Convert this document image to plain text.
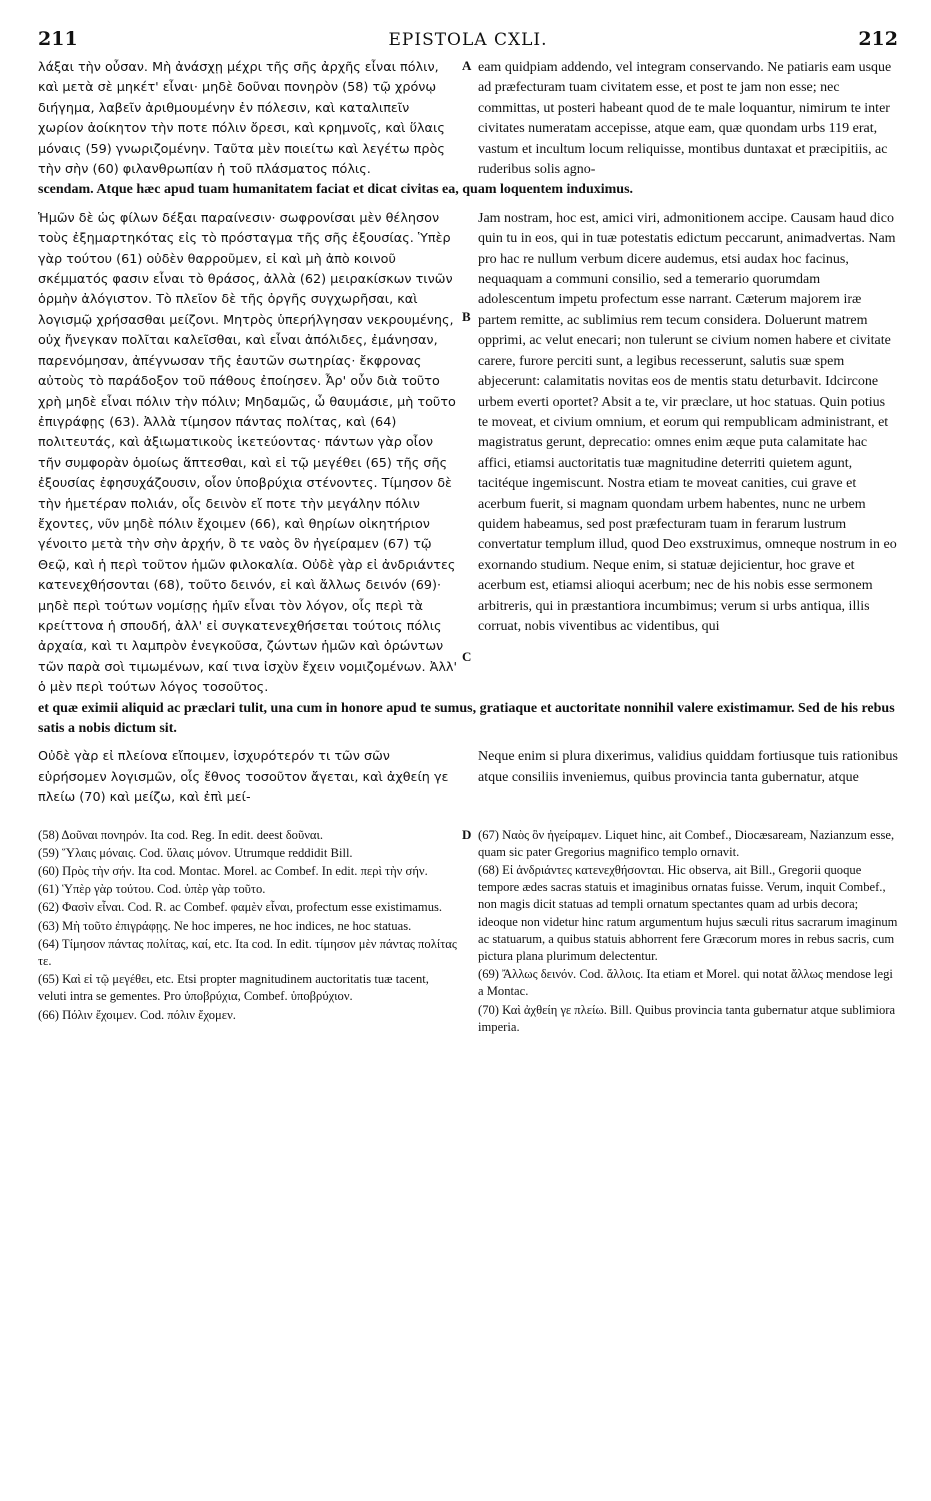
211	EPISTOLA CXLI.	212
λάξαι τὴν οὖσαν. Μὴ ἀνάσχῃ μέχρι τῆς σῆς ἀρχῆς εἶναι πόλιν, καὶ μετὰ σὲ μηκέτ' εἶναι· μηδὲ δοῦναι πονηρὸν (58) τῷ χρόνῳ διήγημα, λαβεῖν ἀριθμουμένην ἐν πόλεσιν, καὶ καταλιπεῖν χωρίον ἀοίκητον τὴν ποτε πόλιν ὄρεσι, καὶ κρημνοῖς, καὶ ὕλαις μόναις (59) γνωριζομένην. Ταῦτα μὲν ποιείτω καὶ λεγέτω πρὸς τὴν σὴν (60) φιλανθρωπίαν ἡ τοῦ πλάσματος πόλις.
A eam quidpiam addendo, vel integram conservando. Ne patiaris eam usque ad præfecturam tuam civitatem esse, et post te jam non esse; nec committas, ut posteri habeant quod de te male loquantur, nimirum te inter civitates numeratam accepisse, atque eam, quæ quondam urbs 119 erat, vastum et incultum locum reliquisse, montibus duntaxat et præcipitiis, ac ruderibus solis agno-
scendam. Atque hæc apud tuam humanitatem faciat et dicat civitas ea, quam loquentem induximus.
Ἡμῶν δὲ ὡς φίλων δέξαι παραίνεσιν· σωφρονίσαι μὲν θέλησον τοὺς ἐξημαρτηκότας εἰς τὸ πρόσταγμα τῆς σῆς ἐξουσίας. Ὑπὲρ γὰρ τούτου (61) οὐδὲν θαρροῦμεν, εἰ καὶ μὴ ἀπὸ κοινοῦ σκέμματός φασιν εἶναι τὸ θράσος, ἀλλὰ (62) μειρακίσκων τινῶν ὁρμὴν ἀλόγιστον. Τὸ πλεῖον δὲ τῆς ὀργῆς συγχωρῆσαι, καὶ λογισμῷ χρήσασθαι μείζονι. Μητρὸς ὑπερήλγησαν νεκρουμένης, οὐχ ἤνεγκαν πολῖται καλεῖσθαι, καὶ εἶναι ἀπόλιδες, ἐμάνησαν, παρενόμησαν, ἀπέγνωσαν τῆς ἑαυτῶν σωτηρίας· ἔκφρονας αὐτοὺς τὸ παράδοξον τοῦ πάθους ἐποίησεν. Ἆρ' οὖν διὰ τοῦτο χρὴ μηδὲ εἶναι πόλιν τὴν πόλιν; Μηδαμῶς, ὦ θαυμάσιε, μὴ τοῦτο ἐπιγράφῃς (63). Ἀλλὰ τίμησον πάντας πολίτας, καὶ (64) πολιτευτάς, καὶ ἀξιωματικοὺς ἱκετεύοντας· πάντων γὰρ οἶον τῆν συμφορὰν ὁμοίως ἅπτεσθαι, καὶ εἰ τῷ μεγέθει (65) τῆς σῆς ἐξουσίας ἐφησυχάζουσιν, οἷον ὑποβρύχια στένοντες. Τίμησον δὲ τὴν ἡμετέραν πολιάν, οἷς δεινὸν εἴ ποτε τὴν μεγάλην πόλιν ἔχοντες, νῦν μηδὲ πόλιν ἔχοιμεν (66), καὶ θηρίων οἰκητήριον γένοιτο μετὰ τὴν σὴν ἀρχήν, ὃ τε ναὸς ὃν ἠγείραμεν (67) τῷ Θεῷ, καὶ ἡ περὶ τοῦτον ἡμῶν φιλοκαλία. Οὐδὲ γὰρ εἰ ἀνδριάντες κατενεχθήσονται (68), τοῦτο δεινόν, εἰ καὶ ἄλλως δεινόν (69)· μηδὲ περὶ τούτων νομίσῃς ἡμῖν εἶναι τὸν λόγον, οἷς περὶ τὰ κρείττονα ἡ σπουδή, ἀλλ' εἰ συγκατενεχθήσεται τούτοις πόλις ἀρχαία, καὶ τι λαμπρὸν ἐνεγκοῦσα, ζώντων ἡμῶν καὶ ὁρώντων τῶν παρὰ σοὶ τιμωμένων, καί τινα ἰσχὺν ἔχειν νομιζομένων. Ἀλλ' ὁ μὲν περὶ τούτων λόγος τοσοῦτος.
B
C
Jam nostram, hoc est, amici viri, admonitionem accipe. Causam haud dico quin tu in eos, qui in tuæ potestatis edictum peccarunt, animadvertas. Nam pro hac re nullum verbum dicere audemus, etsi audax hoc facinus, nequaquam a communi consilio, sed a temerario quorumdam adolescentum impetu profectum esse narrant. Cæterum majorem iræ partem remitte, ac sublimius rem tecum considera. Doluerunt matrem opprimi, ac velut enecari; non tulerunt se civium nomen habere et civitate carere, furore perciti sunt, a legibus recesserunt, salutis suæ spem abjecerunt: calamitatis novitas eos de mentis statu deturbavit. Idcircone urbem everti oportet? Absit a te, vir præclare, ut hoc statuas. Quin potius te moveat, et civium omnium, et eorum qui rempublicam administrant, et magistratus gerunt, deprecatio: omnes enim æque puta calamitate hac affici, etiamsi auctoritatis tuæ magnitudine deterriti quietem agunt, tacitéque ingemiscunt. Nostra etiam te moveat canities, cui grave et acerbum fuerit, si magnam quondam urbem habentes, nunc ne urbem quidem habeamus, sed post præfecturam tuam in ferarum lustrum convertatur templum illud, quod Deo exstruximus, omneque nostrum in eo exornando studium. Neque enim, si statuæ dejicientur, hoc grave et acerbum est, etiamsi alioqui acerbum; nec de his nobis esse sermonem arbitreris, qui in præstantiora incumbimus; verum si urbs antiqua, illis corruat, nobis viventibus ac videntibus, qui
et quæ eximii aliquid ac præclari tulit, una cum in honore apud te sumus, gratiaque et auctoritate nonnihil valere existimamur. Sed de his rebus satis a nobis dictum sit.
Οὐδὲ γὰρ εἰ πλείονα εἴποιμεν, ἰσχυρότερόν τι τῶν σῶν εὑρήσομεν λογισμῶν, οἷς ἔθνος τοσοῦτον ἄγεται, καὶ ἀχθείη γε πλείω (70) καὶ μείζω, καὶ ἐπὶ μεί-
D
Neque enim si plura dixerimus, validius quiddam fortiusque tuis rationibus atque consiliis inveniemus, quibus provincia tanta gubernatur, atque
(58) Δοῦναι πονηρόν. Ita cod. Reg. In edit. deest δοῦναι.
(59) Ὕλαις μόναις. Cod. ὕλαις μόνον. Utrumque reddidit Bill.
(60) Πρὸς τὴν σήν. Ita cod. Montac. Morel. ac Combef. In edit. περὶ τὴν σήν.
(61) Ὑπὲρ γὰρ τούτου. Cod. ὑπὲρ γὰρ τοῦτο.
(62) Φασὶν εἶναι. Cod. R. ac Combef. φαμὲν εἶναι, profectum esse existimamus.
(63) Μὴ τοῦτο ἐπιγράφῃς. Ne hoc imperes, ne hoc indices, ne hoc statuas.
(64) Τίμησον πάντας πολίτας, καί, etc. Ita cod. In edit. τίμησον μὲν πάντας πολίτας τε.
(65) Καὶ εἰ τῷ μεγέθει, etc. Etsi propter magnitudinem auctoritatis tuæ tacent, veluti intra se gementes. Pro ὑποβρύχια, Combef. ὑποβρύχιον.
(66) Πόλιν ἔχοιμεν. Cod. πόλιν ἔχομεν.
(67) Ναὸς ὃν ἠγείραμεν. Liquet hinc, ait Combef., Diocæsaream, Nazianzum esse, quam sic pater Gregorius magnifico templo ornavit.
(68) Εἰ ἀνδριάντες κατενεχθήσονται. Hic observa, ait Bill., Gregorii quoque tempore ædes sacras statuis et imaginibus ornatas fuisse. Verum, inquit Combef., non magis dicit statuas ad templi ornatum spectantes quam ad urbis decora; ideoque non videtur hinc ratum argumentum hujus sæculi ritus sacrarum imaginum ac statuarum, a quibus statuis abhorrent fere Græcorum mores in rebus sacris, cum pictura plana plurimum delectentur.
(69) Ἄλλως δεινόν. Cod. ἄλλοις. Ita etiam et Morel. qui notat ἄλλως mendose legi a Montac.
(70) Καὶ ἀχθείη γε πλείω. Bill. Quibus provincia tanta gubernatur atque sublimiora imperia.
